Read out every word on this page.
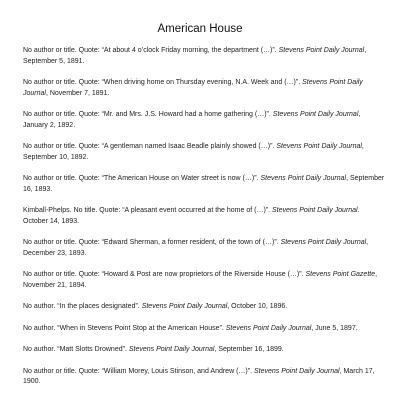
American House

No author or title. Quote: “At about 4 o’clock Friday morning, the department (…)”. Stevens Point Daily Journal, September 5, 1891.

No author or title. Quote: “When driving home on Thursday evening, N.A. Week and (…)”. Stevens Point Daily Journal, November 7, 1891.

No author or title. Quote: “Mr. and Mrs. J.S. Howard had a home gathering (…)”. Stevens Point Daily Journal, January 2, 1892.

No author or title. Quote: “A gentleman named Isaac Beadle plainly showed (…)”. Stevens Point Daily Journal, September 10, 1892.

No author or title. Quote: “The American House on Water street is now (…)”. Stevens Point Daily Journal, September 16, 1893.

Kimball-Phelps. No title. Quote: “A pleasant event occurred at the home of (…)”. Stevens Point Daily Journal. October 14, 1893.

No author or title. Quote: “Edward Sherman, a former resident, of the town of (…)”. Stevens Point Daily Journal, December 23, 1893.

No author or title. Quote: “Howard & Post are now proprietors of the Riverside House (…)”. Stevens Point Gazette, November 21, 1894.

No author. “In the places designated”. Stevens Point Daily Journal, October 10, 1896.

No author. “When in Stevens Point Stop at the American House”. Stevens Point Daily Journal, June 5, 1897.

No author. “Matt Slotts Drowned”. Stevens Point Daily Journal, September 16, 1899.

No author or title. Quote: “William Morey, Louis Stinson, and Andrew (…)”. Stevens Point Daily Journal, March 17, 1900.
